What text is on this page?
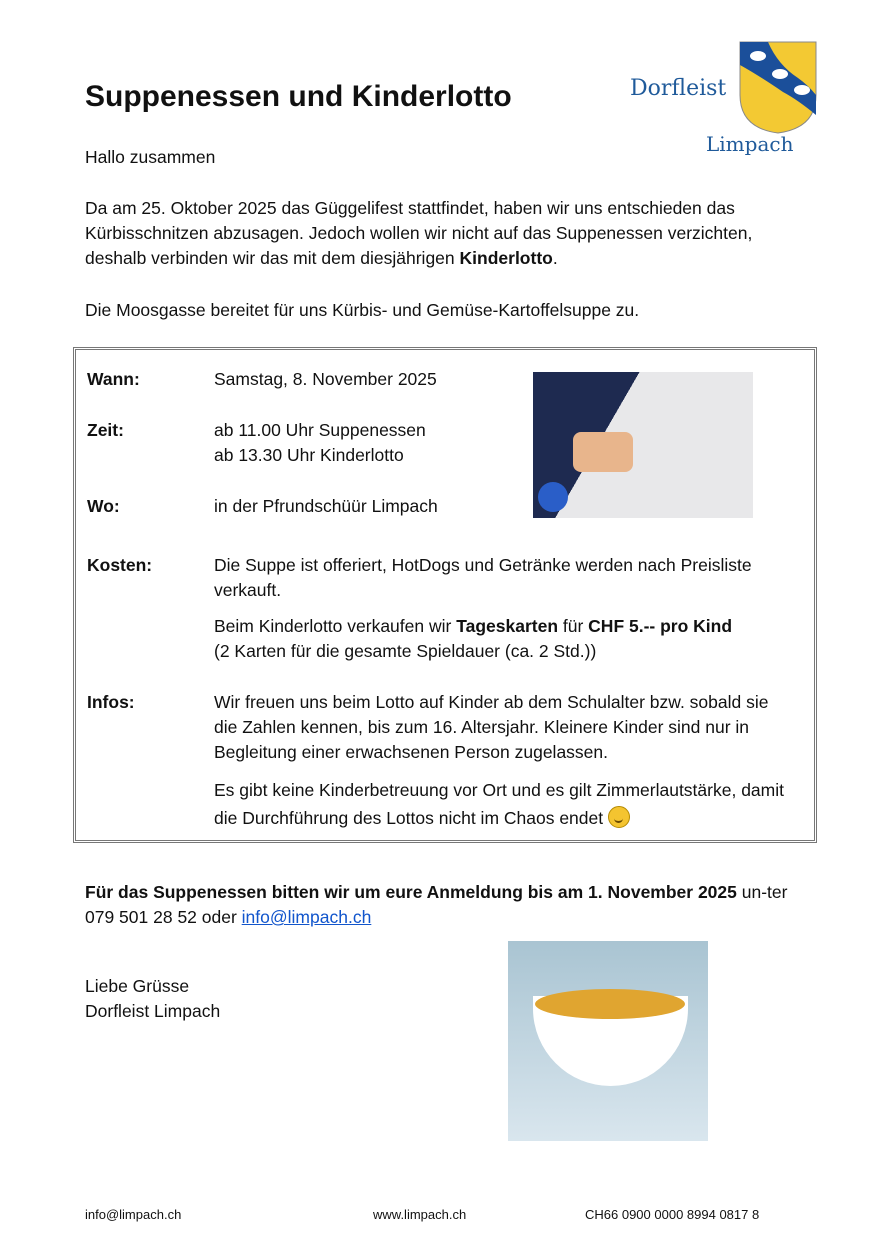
Suppenessen und Kinderlotto	Dorfleist
Limpach

Hallo zusammen

Da am 25. Oktober 2025 das Güggelifest stattfindet, haben wir uns entschieden das Kürbisschnitzen abzusagen. Jedoch wollen wir nicht auf das Suppenessen verzichten, deshalb verbinden wir das mit dem diesjährigen Kinderlotto.

Die Moosgasse bereitet für uns Kürbis- und Gemüse-Kartoffelsuppe zu.

Wann:	Samstag, 8. November 2025
Zeit:	ab 11.00 Uhr Suppenessen
ab 13.30 Uhr Kinderlotto
Wo:	in der Pfrundschüür Limpach
Kosten:	Die Suppe ist offeriert, HotDogs und Getränke werden nach Preisliste verkauft.
Beim Kinderlotto verkaufen wir Tageskarten für CHF 5.-- pro Kind
(2 Karten für die gesamte Spieldauer (ca. 2 Std.))
Infos:	Wir freuen uns beim Lotto auf Kinder ab dem Schulalter bzw. sobald sie die Zahlen kennen, bis zum 16. Altersjahr. Kleinere Kinder sind nur in Begleitung einer erwachsenen Person zugelassen.
Es gibt keine Kinderbetreuung vor Ort und es gilt Zimmerlautstärke, damit die Durchführung des Lottos nicht im Chaos endet

Für das Suppenessen bitten wir um eure Anmeldung bis am 1. November 2025 un-ter 079 501 28 52 oder info@limpach.ch

Liebe Grüsse

Dorfleist Limpach

info@limpach.ch	www.limpach.ch	CH66 0900 0000 8994 0817 8
